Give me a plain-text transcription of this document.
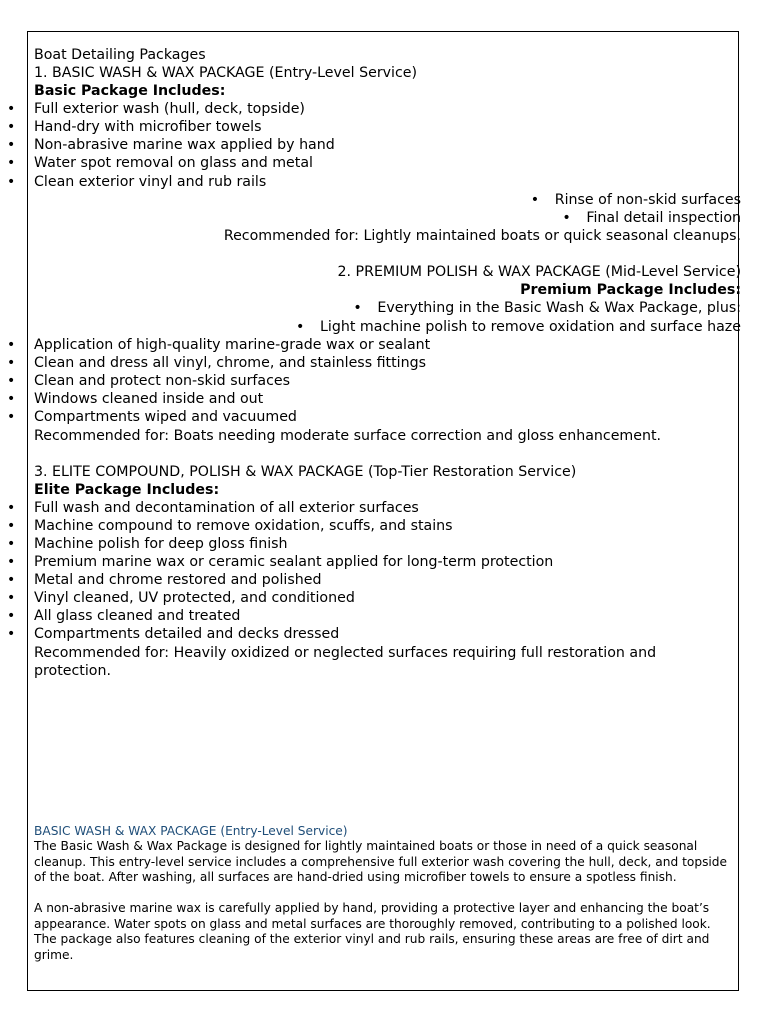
Boat Detailing Packages
1. BASIC WASH & WAX PACKAGE (Entry-Level Service)
Basic Package Includes:
• Full exterior wash (hull, deck, topside)
• Hand-dry with microfiber towels
• Non-abrasive marine wax applied by hand
• Water spot removal on glass and metal
• Clean exterior vinyl and rub rails
• Rinse of non-skid surfaces
• Final detail inspection
Recommended for: Lightly maintained boats or quick seasonal cleanups.
2. PREMIUM POLISH & WAX PACKAGE (Mid-Level Service)
Premium Package Includes:
• Everything in the Basic Wash & Wax Package, plus:
• Light machine polish to remove oxidation and surface haze
• Application of high-quality marine-grade wax or sealant
• Clean and dress all vinyl, chrome, and stainless fittings
• Clean and protect non-skid surfaces
• Windows cleaned inside and out
• Compartments wiped and vacuumed
Recommended for: Boats needing moderate surface correction and gloss enhancement.
3. ELITE COMPOUND, POLISH & WAX PACKAGE (Top-Tier Restoration Service)
Elite Package Includes:
• Full wash and decontamination of all exterior surfaces
• Machine compound to remove oxidation, scuffs, and stains
• Machine polish for deep gloss finish
• Premium marine wax or ceramic sealant applied for long-term protection
• Metal and chrome restored and polished
• Vinyl cleaned, UV protected, and conditioned
• All glass cleaned and treated
• Compartments detailed and decks dressed
Recommended for: Heavily oxidized or neglected surfaces requiring full restoration and protection.
BASIC WASH & WAX PACKAGE (Entry-Level Service)
The Basic Wash & Wax Package is designed for lightly maintained boats or those in need of a quick seasonal cleanup. This entry-level service includes a comprehensive full exterior wash covering the hull, deck, and topside of the boat. After washing, all surfaces are hand-dried using microfiber towels to ensure a spotless finish.
A non-abrasive marine wax is carefully applied by hand, providing a protective layer and enhancing the boat’s appearance. Water spots on glass and metal surfaces are thoroughly removed, contributing to a polished look. The package also features cleaning of the exterior vinyl and rub rails, ensuring these areas are free of dirt and grime.
